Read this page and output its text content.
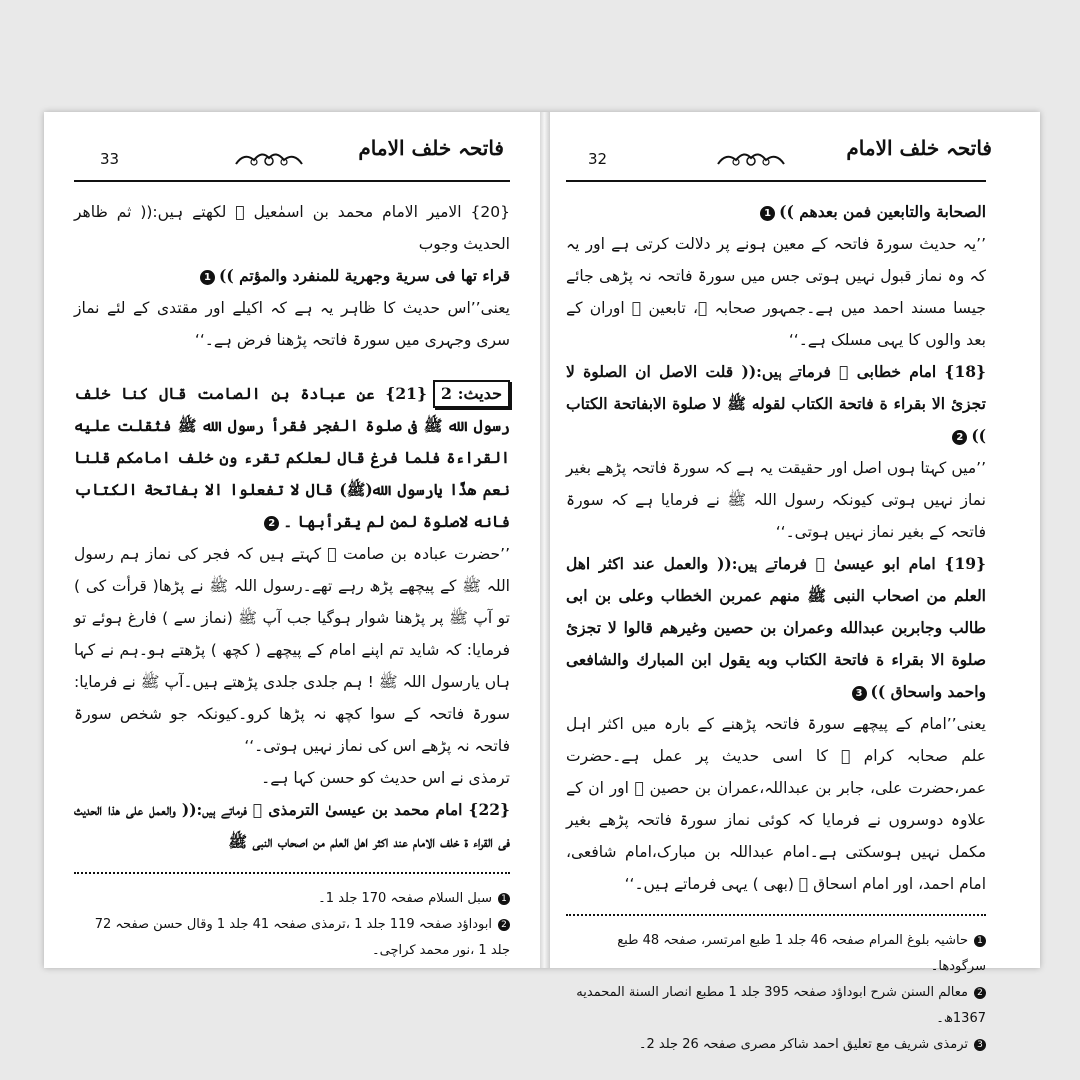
33	فاتحہ خلف الامام
{20} الامیر الامام محمد بن اسمٰعیل ﷫ لکھتے ہیں:(( ثم ظاهر الحدیث وجوب
قراء تها فی سریة وجهریة للمنفرد والمؤتم ))1
یعنی’’اس حدیث کا ظاہر یہ ہے کہ اکیلے اور مقتدی کے لئے نماز سری وجہری میں سورۃ فاتحہ پڑھنا فرض ہے۔‘‘
حدیث: 2{21} عن عبادة بن الصامت قال کنا خلف رسول الله ﷺ فی صلوة الفجر فقرأ رسول الله ﷺ فثقلت علیه القراءة فلما فرغ قال لعلکم تقرء ون خلف امامکم قلنا نعم هذًا یارسول الله(ﷺ) قال لا تفعلوا الا بفاتحة الکتاب فانه لاصلوة لمن لم یقرأبها ۔2
’’حضرت عبادہ بن صامت ﷜ کہتے ہیں کہ فجر کی نماز ہم رسول اللہ ﷺ کے پیچھے پڑھ رہے تھے۔رسول اللہ ﷺ نے پڑھا( قرأت کی ) تو آپ ﷺ پر پڑھنا شوار ہوگیا جب آپ ﷺ (نماز سے ) فارغ ہوئے تو فرمایا: کہ شاید تم اپنے امام کے پیچھے ( کچھ ) پڑھتے ہو۔ہم نے کہا ہاں یارسول اللہ ﷺ ! ہم جلدی جلدی پڑھتے ہیں۔آپ ﷺ نے فرمایا: سورۃ فاتحہ کے سوا کچھ نہ پڑھا کرو۔کیونکہ جو شخص سورۃ فاتحہ نہ پڑھے اس کی نماز نہیں ہوتی۔‘‘
ترمذی نے اس حدیث کو حسن کہا ہے۔
{22} امام محمد بن عیسیٰ الترمذی ﷫ فرماتے ہیں:(( والعمل علی هذا الحدیث فی القراء ة خلف الامام عند اکثر اهل العلم من اصحاب النبی ﷺ
1سبل السلام صفحہ 170 جلد 1۔
2ابوداؤد صفحہ 119 جلد 1 ،ترمذی صفحہ 41 جلد 1 وقال حسن صفحہ 72 جلد 1 ،نور محمد کراچی۔
32	فاتحہ خلف الامام
الصحابة والتابعین فمن بعدهم ))1
’’یہ حدیث سورۃ فاتحہ کے معین ہونے پر دلالت کرتی ہے اور یہ کہ وہ نماز قبول نہیں ہوتی جس میں سورۃ فاتحہ نہ پڑھی جائے جیسا مسند احمد میں ہے۔جمہور صحابہ ﷢، تابعین ﷭ اوران کے بعد والوں کا یہی مسلک ہے۔‘‘
{18} امام خطابی ﷫ فرماتے ہیں:(( قلت الاصل ان الصلوة لا تجزیٔ الا بقراء ة فاتحة الکتاب لقوله ﷺ لا صلوة الابفاتحة الکتاب ))2
’’میں کہتا ہوں اصل اور حقیقت یہ ہے کہ سورۃ فاتحہ پڑھے بغیر نماز نہیں ہوتی کیونکہ رسول اللہ ﷺ نے فرمایا ہے کہ سورۃ فاتحہ کے بغیر نماز نہیں ہوتی۔‘‘
{19} امام ابو عیسیٰ ﷫ فرماتے ہیں:(( والعمل عند اکثر اهل العلم من اصحاب النبی ﷺ منهم عمربن الخطاب وعلی بن ابی طالب وجابربن عبدالله وعمران بن حصین وغیرهم قالوا لا تجزیٔ صلوة الا بقراء ة فاتحة الکتاب وبه یقول ابن المبارك والشافعی واحمد واسحاق ))3
یعنی’’امام کے پیچھے سورۃ فاتحہ پڑھنے کے بارہ میں اکثر اہل علم صحابہ کرام ﷢ کا اسی حدیث پر عمل ہے۔حضرت عمر،حضرت علی، جابر بن عبداللہ،عمران بن حصین ﷢ اور ان کے علاوہ دوسروں نے فرمایا کہ کوئی نماز سورۃ فاتحہ پڑھے بغیر مکمل نہیں ہوسکتی ہے۔امام عبداللہ بن مبارک،امام شافعی، امام احمد، اور امام اسحاق ﷭ (بھی ) یہی فرماتے ہیں۔‘‘
1حاشیہ بلوغ المرام صفحہ 46 جلد 1 طبع امرتسر، صفحہ 48 طبع سرگودھا۔
2معالم السنن شرح ابوداؤد صفحہ 395 جلد 1 مطبع انصار السنة المحمدیه 1367ھ۔
3ترمذی شریف مع تعلیق احمد شاکر مصری صفحہ 26 جلد 2۔
